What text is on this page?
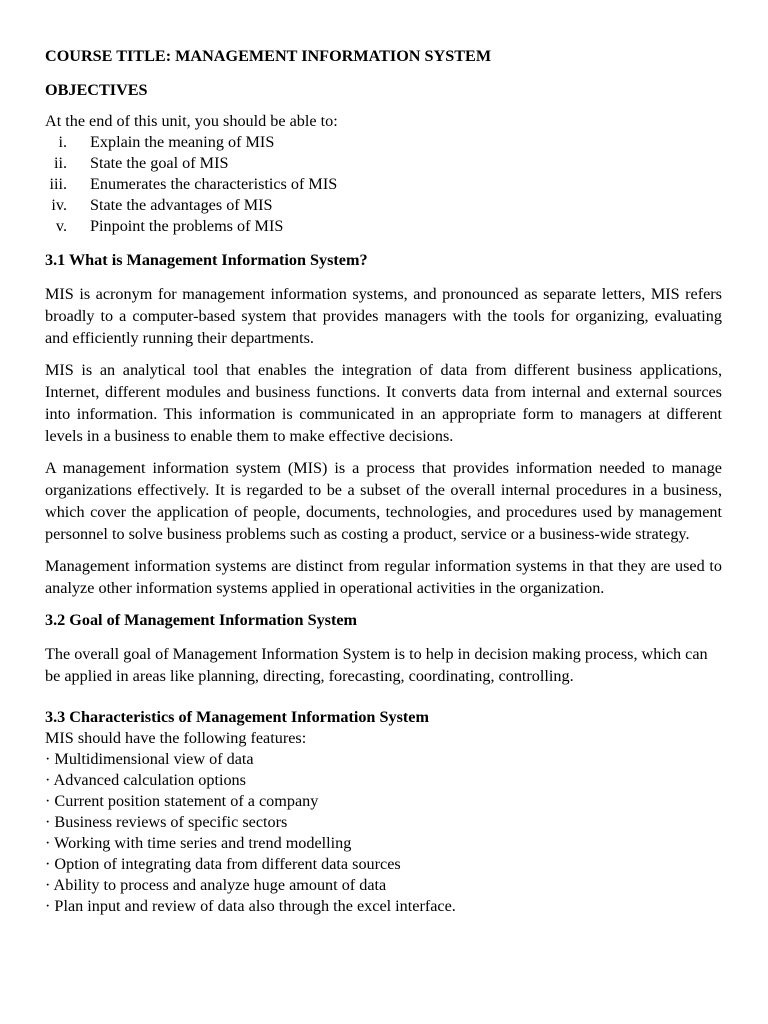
COURSE TITLE: MANAGEMENT INFORMATION SYSTEM

OBJECTIVES

At the end of this unit, you should be able to:

i. Explain the meaning of MIS
ii. State the goal of MIS
iii. Enumerates the characteristics of MIS
iv. State the advantages of MIS
v. Pinpoint the problems of MIS

3.1 What is Management Information System?

MIS is acronym for management information systems, and pronounced as separate letters, MIS refers broadly to a computer-based system that provides managers with the tools for organizing, evaluating and efficiently running their departments.

MIS is an analytical tool that enables the integration of data from different business applications, Internet, different modules and business functions. It converts data from internal and external sources into information. This information is communicated in an appropriate form to managers at different levels in a business to enable them to make effective decisions.

A management information system (MIS) is a process that provides information needed to manage organizations effectively. It is regarded to be a subset of the overall internal procedures in a business, which cover the application of people, documents, technologies, and procedures used by management personnel to solve business problems such as costing a product, service or a business-wide strategy.

Management information systems are distinct from regular information systems in that they are used to analyze other information systems applied in operational activities in the organization.

3.2 Goal of Management Information System

The overall goal of Management Information System is to help in decision making process, which can be applied in areas like planning, directing, forecasting, coordinating, controlling.

3.3 Characteristics of Management Information System

MIS should have the following features:

· Multidimensional view of data
· Advanced calculation options
· Current position statement of a company
· Business reviews of specific sectors
· Working with time series and trend modelling
· Option of integrating data from different data sources
· Ability to process and analyze huge amount of data
· Plan input and review of data also through the excel interface.
